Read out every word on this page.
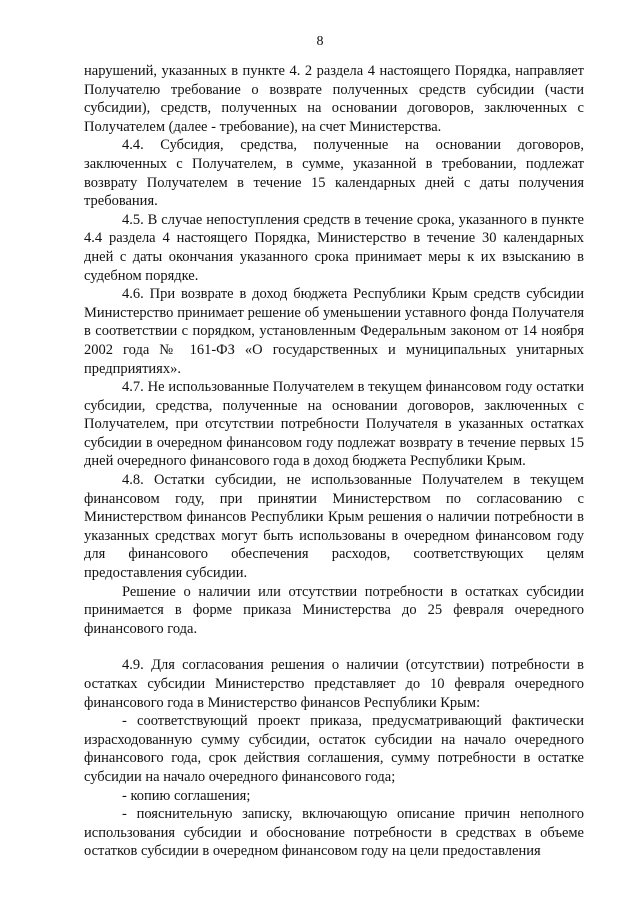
8

нарушений, указанных в пункте 4. 2 раздела 4 настоящего Порядка, направляет Получателю требование о возврате полученных средств субсидии (части субсидии), средств, полученных на основании договоров, заключенных с Получателем (далее - требование), на счет Министерства.

4.4. Субсидия, средства, полученные на основании договоров, заключенных с Получателем, в сумме, указанной в требовании, подлежат возврату Получателем в течение 15 календарных дней с даты получения требования.

4.5. В случае непоступления средств в течение срока, указанного в пункте 4.4 раздела 4 настоящего Порядка, Министерство в течение 30 календарных дней с даты окончания указанного срока принимает меры к их взысканию в судебном порядке.

4.6. При возврате в доход бюджета Республики Крым средств субсидии Министерство принимает решение об уменьшении уставного фонда Получателя в соответствии с порядком, установленным Федеральным законом от 14 ноября 2002 года № 161-ФЗ «О государственных и муниципальных унитарных предприятиях».

4.7. Не использованные Получателем в текущем финансовом году остатки субсидии, средства, полученные на основании договоров, заключенных с Получателем, при отсутствии потребности Получателя в указанных остатках субсидии в очередном финансовом году подлежат возврату в течение первых 15 дней очередного финансового года в доход бюджета Республики Крым.

4.8. Остатки субсидии, не использованные Получателем в текущем финансовом году, при принятии Министерством по согласованию с Министерством финансов Республики Крым решения о наличии потребности в указанных средствах могут быть использованы в очередном финансовом году для финансового обеспечения расходов, соответствующих целям предоставления субсидии.

Решение о наличии или отсутствии потребности в остатках субсидии принимается в форме приказа Министерства до 25 февраля очередного финансового года.

4.9. Для согласования решения о наличии (отсутствии) потребности в остатках субсидии Министерство представляет до 10 февраля очередного финансового года в Министерство финансов Республики Крым:

- соответствующий проект приказа, предусматривающий фактически израсходованную сумму субсидии, остаток субсидии на начало очередного финансового года, срок действия соглашения, сумму потребности в остатке субсидии на начало очередного финансового года;

- копию соглашения;

- пояснительную записку, включающую описание причин неполного использования субсидии и обоснование потребности в средствах в объеме остатков субсидии в очередном финансовом году на цели предоставления
